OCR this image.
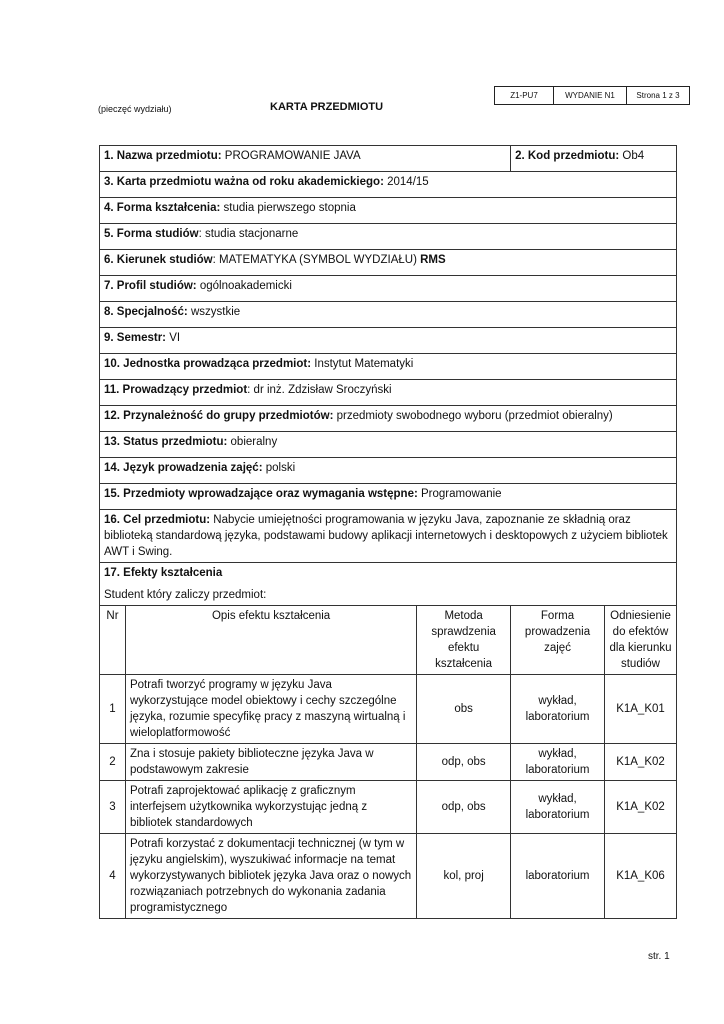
Z1-PU7	WYDANIE N1	Strona 1 z 3
(pieczęć wydziału)	KARTA PRZEDMIOTU
1. Nazwa przedmiotu: PROGRAMOWANIE JAVA			2. Kod przedmiotu: Ob4	
3. Karta przedmiotu ważna od roku akademickiego: 2014/15				
4. Forma kształcenia: studia pierwszego stopnia				
5. Forma studiów: studia stacjonarne				
6. Kierunek studiów: MATEMATYKA (SYMBOL WYDZIAŁU) RMS				
7. Profil studiów: ogólnoakademicki				
8. Specjalność: wszystkie				
9. Semestr: VI				
10. Jednostka prowadząca przedmiot: Instytut Matematyki				
11. Prowadzący przedmiot: dr inż. Zdzisław Sroczyński				
12. Przynależność do grupy przedmiotów: przedmioty swobodnego wyboru (przedmiot obieralny)				
13. Status przedmiotu: obieralny				
14. Język prowadzenia zajęć: polski				
15. Przedmioty wprowadzające oraz wymagania wstępne: Programowanie				
16. Cel przedmiotu: Nabycie umiejętności programowania w języku Java, zapoznanie ze składnią oraz biblioteką standardową języka, podstawami budowy aplikacji internetowych i desktopowych z użyciem bibliotek AWT i Swing.				

17. Efekty kształcenia
Student który zaliczy przedmiot:				

Nr	Opis efektu kształcenia	Metoda sprawdzenia efektu kształcenia	Forma prowadzenia zajęć	Odniesienie do efektów dla kierunku studiów
1	Potrafi tworzyć programy w języku Java wykorzystujące model obiektowy i cechy szczególne języka, rozumie specyfikę pracy z maszyną wirtualną i wieloplatformowość	obs	wykład, laboratorium	K1A_K01
2	Zna i stosuje pakiety biblioteczne języka Java w podstawowym zakresie	odp, obs	wykład, laboratorium	K1A_K02
3	Potrafi zaprojektować aplikację z graficznym interfejsem użytkownika wykorzystując jedną z bibliotek standardowych	odp, obs	wykład, laboratorium	K1A_K02
4	Potrafi korzystać z dokumentacji technicznej (w tym w języku angielskim), wyszukiwać informacje na temat wykorzystywanych bibliotek języka Java oraz o nowych rozwiązaniach potrzebnych do wykonania zadania programistycznego	kol, proj	laboratorium	K1A_K06
str. 1
